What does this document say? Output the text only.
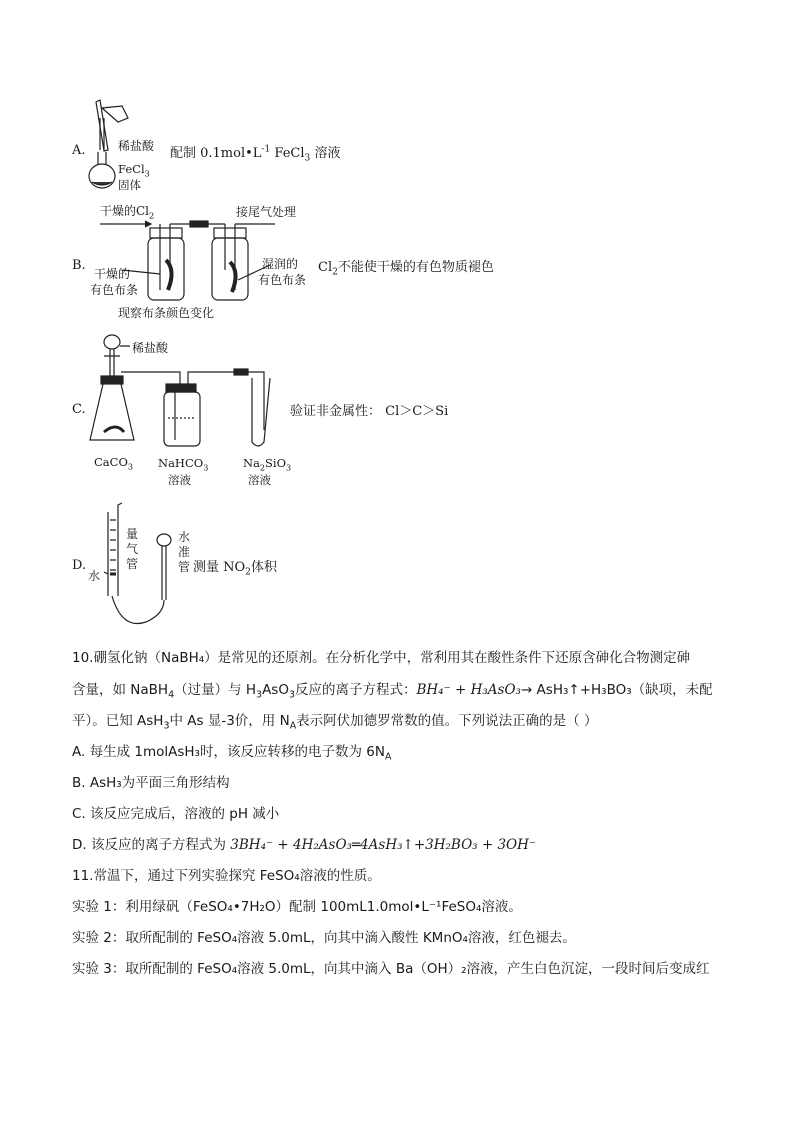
A.	稀盐酸
FeCl$_3$
固体
配制 $0.1mol•L^{-1}$ FeCl$_3$ 溶液
B.
干燥的$Cl_2$	接尾气处理
干燥的
有色布条
湿润的
有色布条
现察布条颜色变化
$Cl_2$不能使干燥的有色物质褪色
C.
稀盐酸
CaCO$_3$ NaHCO$_3$
溶液
$Na_2SiO_3$
溶液
验证非金属性： Cl＞C＞Si
D.
量
气
管
水
准
管
水
测量 $NO_2$体积
10.硼氢化钠（NaBH₄）是常见的还原剂。在分析化学中，常利用其在酸性条件下还原含砷化合物测定砷
含量，如 NaBH$_4$（过量）与 $H_3AsO_3$反应的离子方程式：BH₄⁻ + H₃AsO₃→ AsH₃↑+H₃BO₃（缺项，未配
平）。已知 AsH$_3$中 As 显-3价，用 $N_A$表示阿伏加德罗常数的值。下列说法正确的是（ ）
A. 每生成 1molAsH₃时，该反应转移的电子数为 $6N_A$
B. AsH₃为平面三角形结构
C. 该反应完成后，溶液的 pH 减小
D. 该反应的离子方程式为 3BH₄⁻ + 4H₂AsO₃═4AsH₃↑+3H₂BO₃ + 3OH⁻
11.常温下，通过下列实验探究 FeSO₄溶液的性质。
实验 1：利用绿矾（FeSO₄•7H₂O）配制 100mL1.0mol•L⁻¹FeSO₄溶液。
实验 2：取所配制的 FeSO₄溶液 5.0mL，向其中滴入酸性 KMnO₄溶液，红色褪去。
实验 3：取所配制的 FeSO₄溶液 5.0mL，向其中滴入 Ba（OH）₂溶液，产生白色沉淀，一段时间后变成红
